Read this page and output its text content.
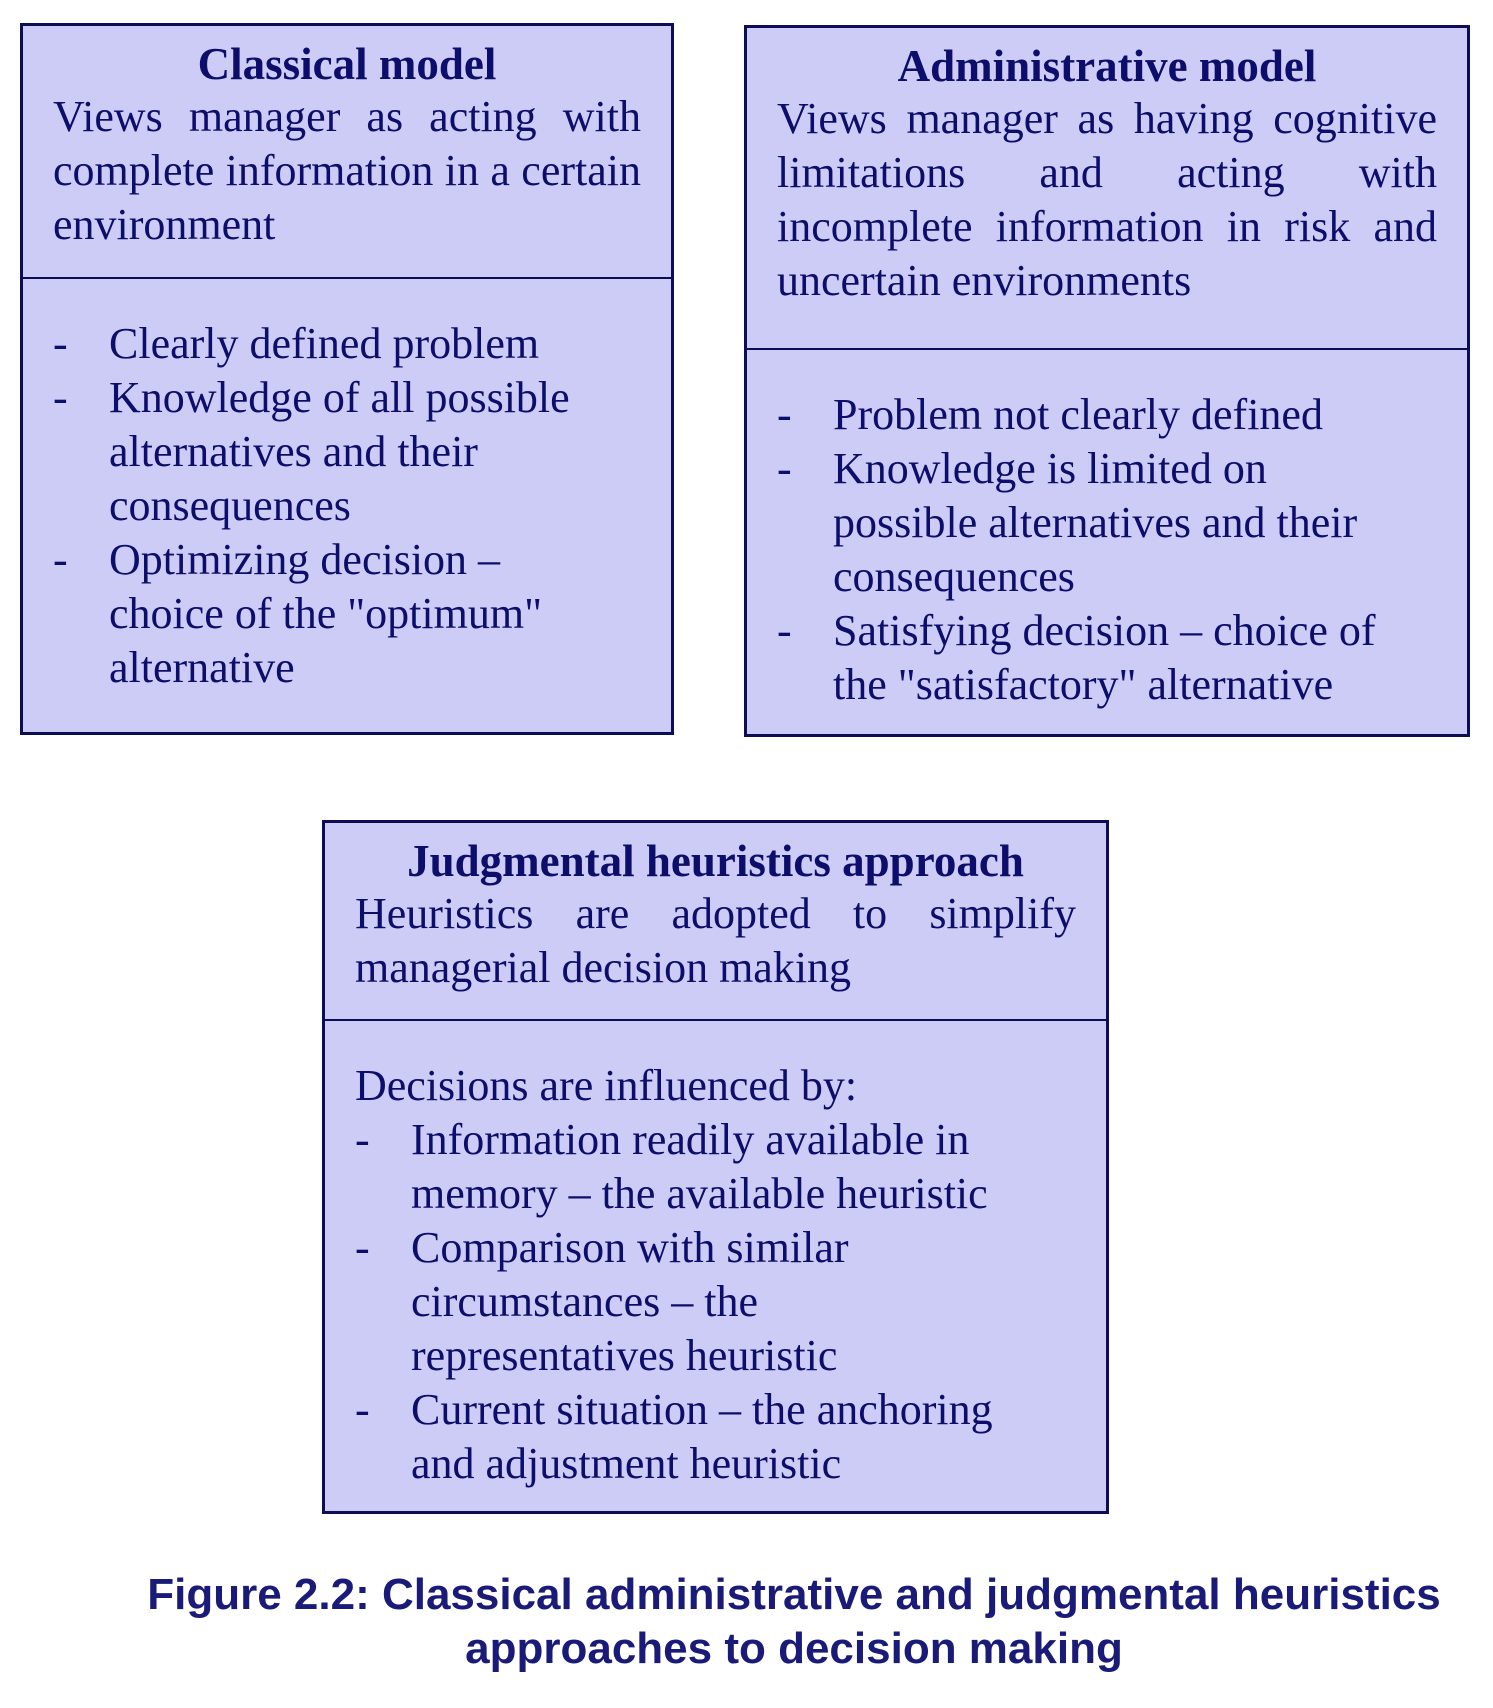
Classical model
Views manager as acting with complete information in a certain environment
- Clearly defined problem
- Knowledge of all possible alternatives and their consequences
- Optimizing decision – choice of the "optimum" alternative
Administrative model
Views manager as having cognitive limitations and acting with incomplete information in risk and uncertain environments
- Problem not clearly defined
- Knowledge is limited on possible alternatives and their consequences
- Satisfying decision – choice of the "satisfactory" alternative
Judgmental heuristics approach
Heuristics are adopted to simplify managerial decision making
Decisions are influenced by:
- Information readily available in memory – the available heuristic
- Comparison with similar circumstances – the representatives heuristic
- Current situation – the anchoring and adjustment heuristic
Figure 2.2: Classical administrative and judgmental heuristics
approaches to decision making
